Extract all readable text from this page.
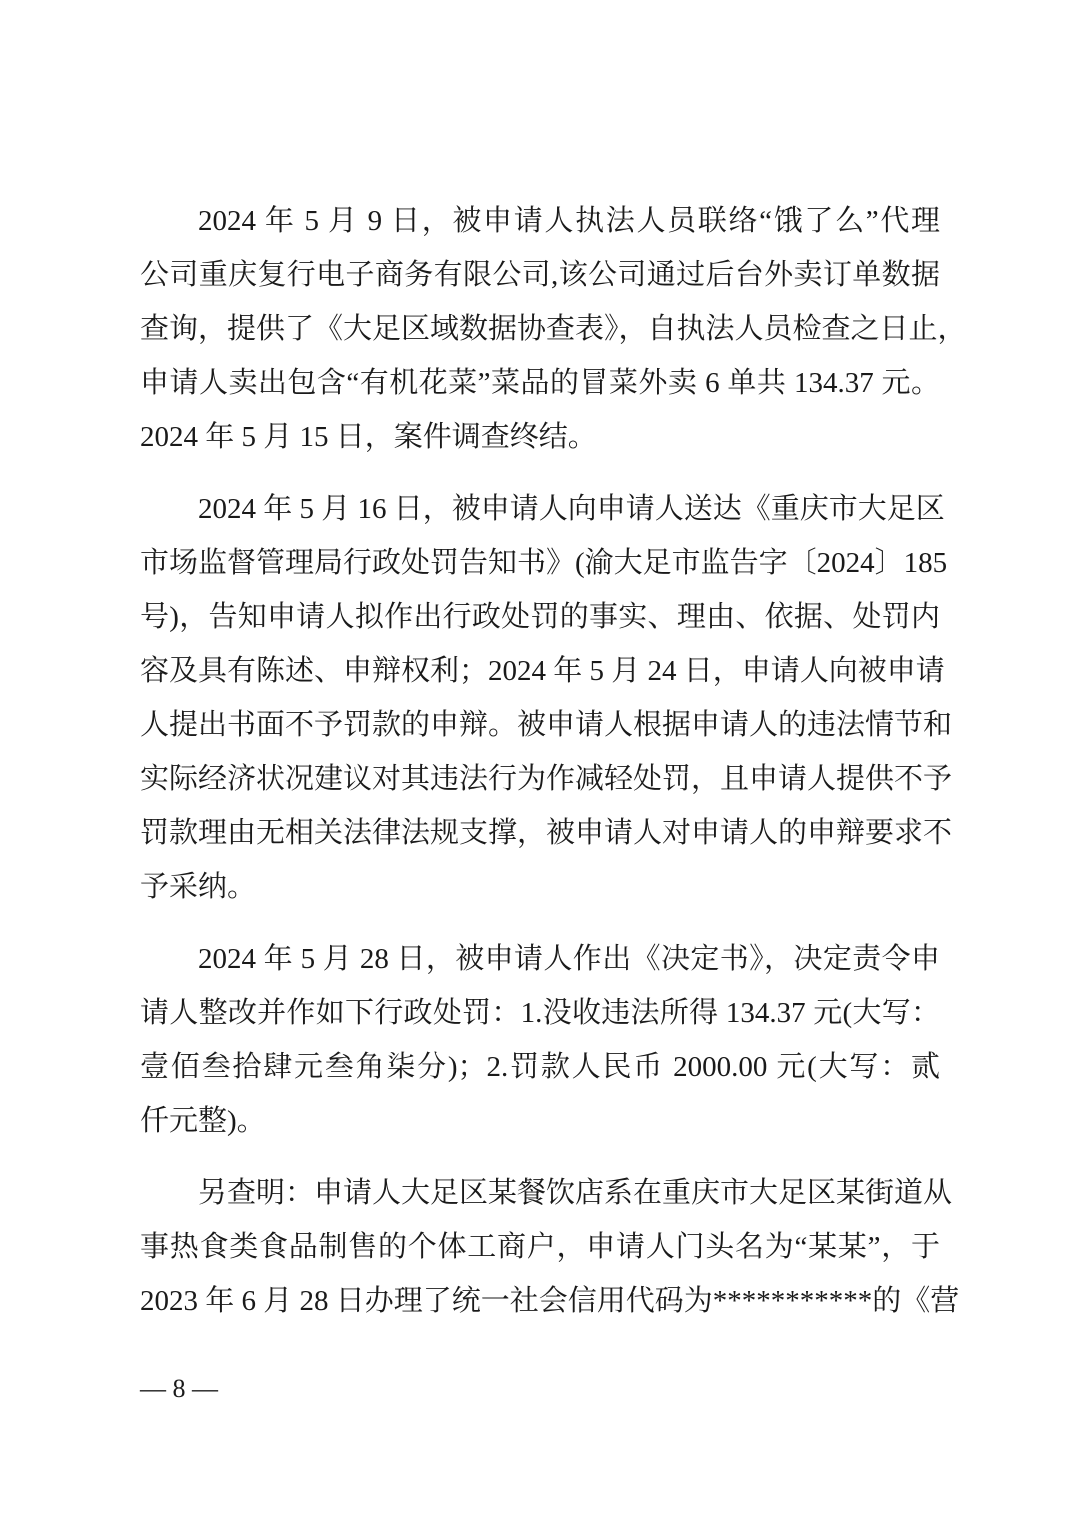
2024 年 5 月 9 日，被申请人执法人员联络“饿了么”代理
公司重庆复行电子商务有限公司,该公司通过后台外卖订单数据
查询，提供了《大足区域数据协查表》，自执法人员检查之日止，
申请人卖出包含“有机花菜”菜品的冒菜外卖 6 单共 134.37 元。
2024 年 5 月 15 日，案件调查终结。
2024 年 5 月 16 日，被申请人向申请人送达《重庆市大足区
市场监督管理局行政处罚告知书》(渝大足市监告字〔2024〕185
号)，告知申请人拟作出行政处罚的事实、理由、依据、处罚内
容及具有陈述、申辩权利；2024 年 5 月 24 日，申请人向被申请
人提出书面不予罚款的申辩。被申请人根据申请人的违法情节和
实际经济状况建议对其违法行为作减轻处罚，且申请人提供不予
罚款理由无相关法律法规支撑，被申请人对申请人的申辩要求不
予采纳。
2024 年 5 月 28 日，被申请人作出《决定书》，决定责令申
请人整改并作如下行政处罚：1.没收违法所得 134.37 元(大写：
壹佰叁拾肆元叁角柒分)；2.罚款人民币 2000.00 元(大写：贰
仟元整)。
另查明：申请人大足区某餐饮店系在重庆市大足区某街道从
事热食类食品制售的个体工商户，申请人门头名为“某某”，于
2023 年 6 月 28 日办理了统一社会信用代码为***********的《营
— 8 —
